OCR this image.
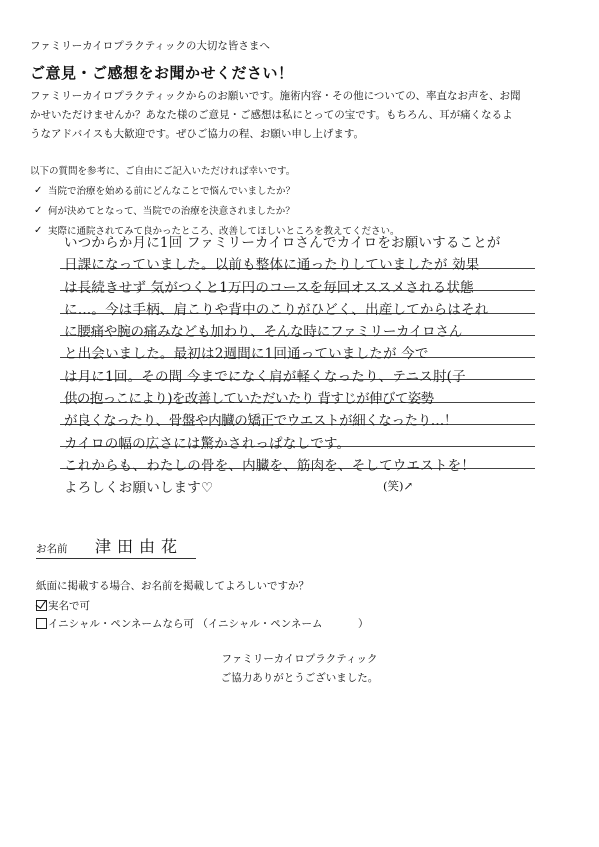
ファミリーカイロプラクティックの大切な皆さまへ
ご意見・ご感想をお聞かせください！
ファミリーカイロプラクティックからのお願いです。施術内容・その他についての、率直なお声を、お聞
かせいただけませんか？あなた様のご意見・ご感想は私にとっての宝です。もちろん、耳が痛くなるよ
うなアドバイスも大歓迎です。ぜひご協力の程、お願い申し上げます。
以下の質問を参考に、ご自由にご記入いただければ幸いです。
✓ 当院で治療を始める前にどんなことで悩んでいましたか？
✓ 何が決めてとなって、当院での治療を決意されましたか？
✓ 実際に通院されてみて良かったところ、改善してほしいところを教えてください。
いつからか月に1回 ファミリーカイロさんでカイロをお願いすることが
日課になっていました。以前も整体に通ったりしていましたが 効果
は長続きせず 気がつくと1万円のコースを毎回オススメされる状態
に…。今は手柄、肩こりや背中のこりがひどく、出産してからはそれ
に腰痛や腕の痛みなども加わり、そんな時にファミリーカイロさん
と出会いました。最初は2週間に1回通っていましたが 今で
は月に1回。その間 今までになく肩が軽くなったり、テニス肘(子
供の抱っこにより)を改善していただいたり 背すじが伸びて姿勢
が良くなったり、骨盤や内臓の矯正でウエストが細くなったり…！
カイロの幅の広さには驚かされっぱなしです。
これからも、わたしの骨を、内臓を、筋肉を、そしてウエストを！
よろしくお願いします♡	(笑)↗
お名前 津田由花
紙面に掲載する場合、お名前を掲載してよろしいですか？
実名で可
イニシャル・ペンネームなら可 （イニシャル・ペンネーム	）
ファミリーカイロプラクティック
ご協力ありがとうございました。
